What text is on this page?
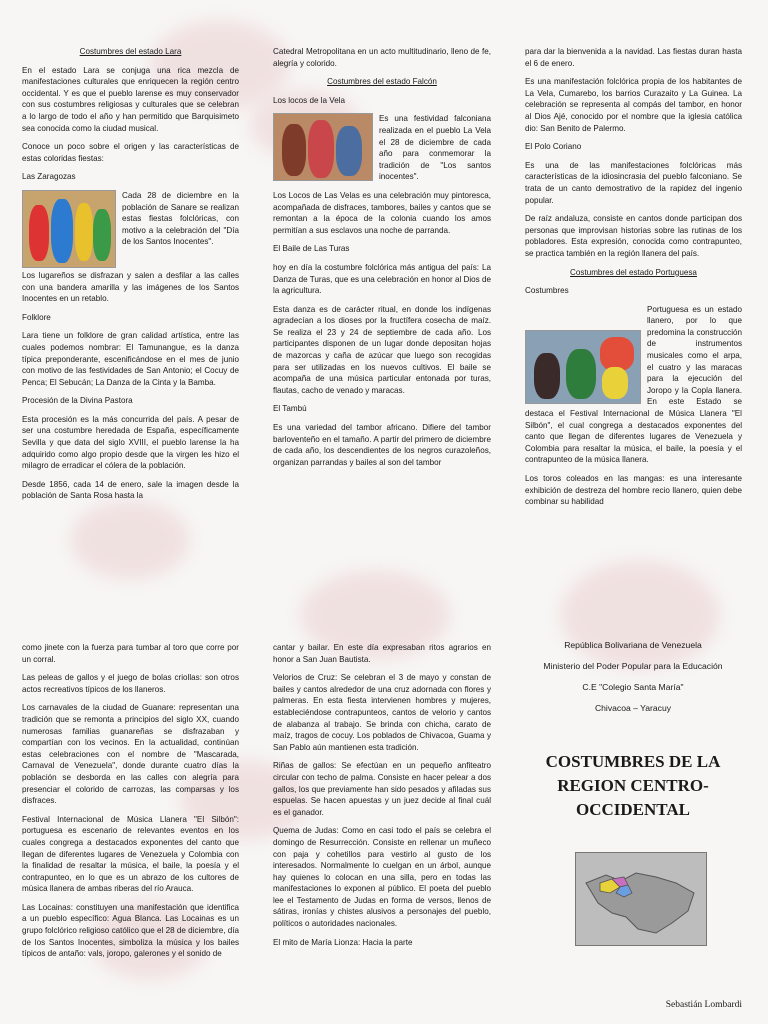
Costumbres del estado Lara

En el estado Lara se conjuga una rica mezcla de manifestaciones culturales que enriquecen la región centro occidental. Y es que el pueblo larense es muy conservador con sus costumbres religiosas y culturales que se celebran a lo largo de todo el año y han permitido que Barquisimeto sea conocida como la ciudad musical.

Conoce un poco sobre el origen y las características de estas coloridas fiestas:

Las Zaragozas

Cada 28 de diciembre en la población de Sanare se realizan estas fiestas folclóricas, con motivo a la celebración del "Día de los Santos Inocentes".

Los lugareños se disfrazan y salen a desfilar a las calles con una bandera amarilla y las imágenes de los Santos Inocentes en un retablo.

Folklore

Lara tiene un folklore de gran calidad artística, entre las cuales podemos nombrar: El Tamunangue, es la danza típica preponderante, escenificándose en el mes de junio con motivo de las festividades de San Antonio; el Cocuy de Penca; El Sebucán; La Danza de la Cinta y la Bamba.

Procesión de la Divina Pastora

Esta procesión es la más concurrida del país. A pesar de ser una costumbre heredada de España, específicamente Sevilla y que data del siglo XVIII, el pueblo larense la ha adquirido como algo propio desde que la virgen les hizo el milagro de erradicar el cólera de la población.

Desde 1856, cada 14 de enero, sale la imagen desde la población de Santa Rosa hasta la

Catedral Metropolitana en un acto multitudinario, lleno de fe, alegría y colorido.

Costumbres del estado Falcón

Los locos de la Vela

Es una festividad falconiana realizada en el pueblo La Vela el 28 de diciembre de cada año para conmemorar la tradición de "Los santos inocentes".

Los Locos de Las Velas es una celebración muy pintoresca, acompañada de disfraces, tambores, bailes y cantos que se remontan a la época de la colonia cuando los amos permitían a sus esclavos una noche de parranda.

El Baile de Las Turas

hoy en día la costumbre folclórica más antigua del país: La Danza de Turas, que es una celebración en honor al Dios de la agricultura.

Esta danza es de carácter ritual, en donde los indígenas agradecían a los dioses por la fructífera cosecha de maíz. Se realiza el 23 y 24 de septiembre de cada año. Los participantes disponen de un lugar donde depositan hojas de mazorcas y caña de azúcar que luego son recogidas para ser utilizadas en los nuevos cultivos. El baile se acompaña de una música particular entonada por turas, flautas, cacho de venado y maracas.

El Tambú

Es una variedad del tambor africano. Difiere del tambor barloventeño en el tamaño. A partir del primero de diciembre de cada año, los descendientes de los negros curazoleños, organizan parrandas y bailes al son del tambor

para dar la bienvenida a la navidad. Las fiestas duran hasta el 6 de enero.

Es una manifestación folclórica propia de los habitantes de La Vela, Cumarebo, los barrios Curazaito y La Guinea. La celebración se representa al compás del tambor, en honor al Dios Ajé, conocido por el nombre que la iglesia católica dio: San Benito de Palermo.

El Polo Coriano

Es una de las manifestaciones folclóricas más características de la idiosincrasia del pueblo falconiano. Se trata de un canto demostrativo de la rapidez del ingenio popular.

De raíz andaluza, consiste en cantos donde participan dos personas que improvisan historias sobre las rutinas de los pobladores. Esta expresión, conocida como contrapunteo, se practica también en la región llanera del país.

Costumbres del estado Portuguesa

Costumbres

Portuguesa es un estado llanero, por lo que predomina la construcción de instrumentos musicales como el arpa, el cuatro y las maracas para la ejecución del Joropo y la Copla llanera. En este Estado se destaca el Festival Internacional de Música Llanera "El Silbón", el cual congrega a destacados exponentes del canto que llegan de diferentes lugares de Venezuela y Colombia para resaltar la música, el baile, la poesía y el contrapunteo de la música llanera.

Los toros coleados en las mangas: es una interesante exhibición de destreza del hombre recio llanero, quien debe combinar su habilidad

como jinete con la fuerza para tumbar al toro que corre por un corral.

Las peleas de gallos y el juego de bolas criollas: son otros actos recreativos típicos de los llaneros.

Los carnavales de la ciudad de Guanare: representan una tradición que se remonta a principios del siglo XX, cuando numerosas familias guanareñas se disfrazaban y compartían con los vecinos. En la actualidad, continúan estas celebraciones con el nombre de "Mascarada, Carnaval de Venezuela", donde durante cuatro días la población se desborda en las calles con alegría para presenciar el colorido de carrozas, las comparsas y los disfraces.

Festival Internacional de Música Llanera "El Silbón": portuguesa es escenario de relevantes eventos en los cuales congrega a destacados exponentes del canto que llegan de diferentes lugares de Venezuela y Colombia con la finalidad de resaltar la música, el baile, la poesía y el contrapunteo, en lo que es un abrazo de los cultores de música llanera de ambas riberas del río Arauca.

Las Locainas: constituyen una manifestación que identifica a un pueblo específico: Agua Blanca. Las Locainas es un grupo folclórico religioso católico que el 28 de diciembre, día de los Santos Inocentes, simboliza la música y los bailes típicos de antaño: vals, joropo, galerones y el sonido de

cantar y bailar. En este día expresaban ritos agrarios en honor a San Juan Bautista.

Velorios de Cruz: Se celebran el 3 de mayo y constan de bailes y cantos alrededor de una cruz adornada con flores y palmeras. En esta fiesta intervienen hombres y mujeres, estableciéndose contrapunteos, cantos de velorio y cantos de alabanza al trabajo. Se brinda con chicha, carato de maíz, tragos de cocuy. Los poblados de Chivacoa, Guama y San Pablo aún mantienen esta tradición.

Riñas de gallos: Se efectúan en un pequeño anfiteatro circular con techo de palma. Consiste en hacer pelear a dos gallos, los que previamente han sido pesados y afiladas sus espuelas. Se hacen apuestas y un juez decide al final cuál es el ganador.

Quema de Judas: Como en casi todo el país se celebra el domingo de Resurrección. Consiste en rellenar un muñeco con paja y cohetillos para vestirlo al gusto de los interesados. Normalmente lo cuelgan en un árbol, aunque hay quienes lo colocan en una silla, pero en todas las manifestaciones lo exponen al público. El poeta del pueblo lee el Testamento de Judas en forma de versos, llenos de sátiras, ironías y chistes alusivos a personajes del pueblo, políticos o autoridades nacionales.

El mito de María Lionza: Hacia la parte

República Bolivariana de Venezuela

Ministerio del Poder Popular para la Educación

C.E "Colegio Santa María"

Chivacoa – Yaracuy

COSTUMBRES DE LA REGION CENTRO-OCCIDENTAL
Sebastián Lombardi
